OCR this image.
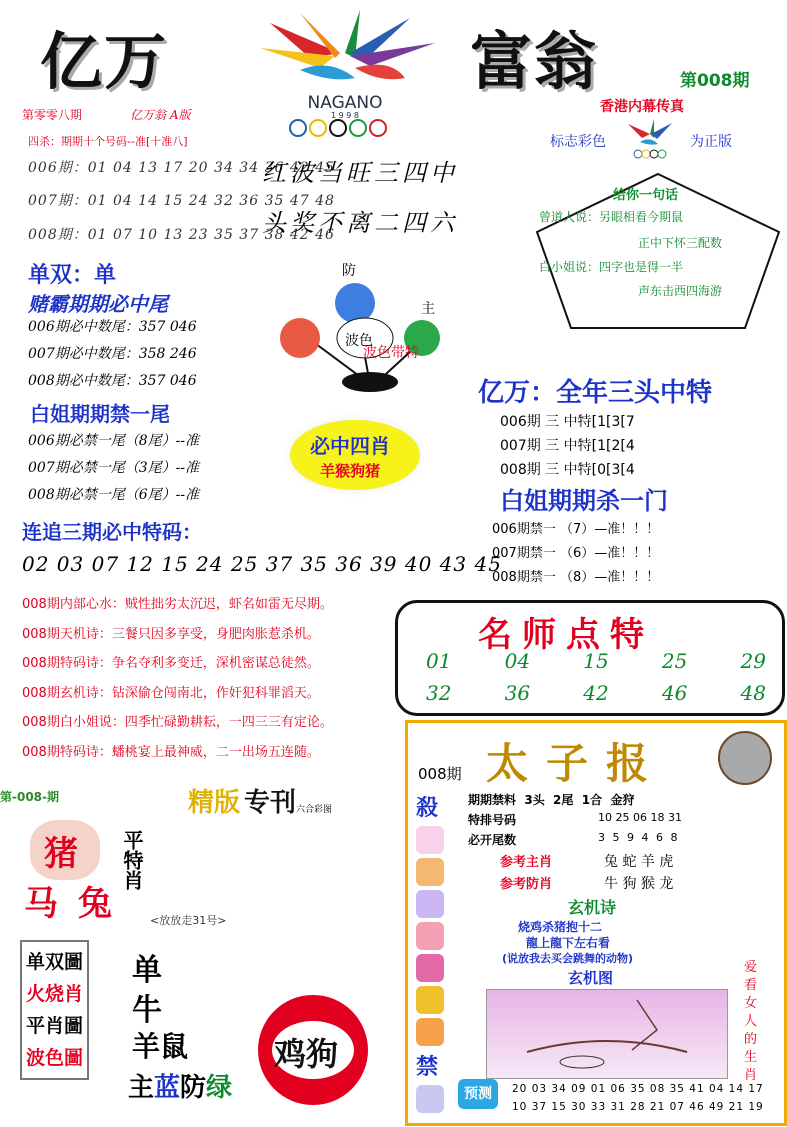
亿万	富翁
NAGANO
1 9 9 8
第008期
香港内幕传真
标志彩色	为正版
第零零八期	亿万翁 A版
四杀：期期十个号码--准[十准八]
006期：01 04 13 17 20 34 34 36 42 45
007期：01 04 14 15 24 32 36 35 47 48
008期：01 07 10 13 23 35 37 38 42 46
红波当旺三四中
头奖不离二四六
给你一句话
曾道人说：另眼相看今期鼠
正中下怀三配数
白小姐说：四字也是得一半
声东击西四海游
单双：单
赌霸期期必中尾
006期必中数尾：357 046
007期必中数尾：358 246
008期必中数尾：357 046
防
主
波色
波色带特
白姐期期禁一尾
006期必禁一尾（8尾）--准
007期必禁一尾（3尾）--准
008期必禁一尾（6尾）--准
必中四肖
羊猴狗猪
亿万：全年三头中特
006期 三 中特[1[3[7
007期 三 中特[1[2[4
008期 三 中特[0[3[4
白姐期期杀一门
006期禁一 （7）—准！！！
007期禁一 （6）—准！！！
008期禁一 （8）—准！！！
连追三期必中特码：
02 03 07 12 15 24 25 37 35 36 39 40 43 45
008期内部心水：贼性拙劣太沉迟，虾名如雷无尽期。
008期天机诗：三餐只因多享受，身肥肉胀惹杀机。
008期特码诗：争名夺利多变迁，深机密谋总徒然。
008期玄机诗：钻深偷仓闯南北，作奸犯科罪滔天。
008期白小姐说：四季忙碌勤耕耘，一四三三有定论。
008期特码诗：蟠桃宴上最神威，二一出场五连随。
名师点特
01	04	15	25	29
32	36	42	46	48
第-008-期	精版 专刊 六合彩图
猪
马 兔
平特肖
<放放走31号>
单双圖
火烧肖
平肖圖
波色圖
单
牛
羊鼠
主蓝防绿
鸡狗
008期 太子报
殺
禁
期期禁料  3头  2尾  1合  金狩
特排号码	10 25 06 18 31
必开尾数	3 5 9 4 6 8
参考主肖	兔 蛇 羊 虎
参考防肖	牛 狗 猴 龙
玄机诗
烧鸡杀猪抱十二
龍上龍下左右看
(说放我去买会跳舞的动物)
玄机图
爱看女人的生肖
预测	20 03 34 09 01 06 35 08 35 41 04 14 17
10 37 15 30 33 31 28 21 07 46 49 21 19
